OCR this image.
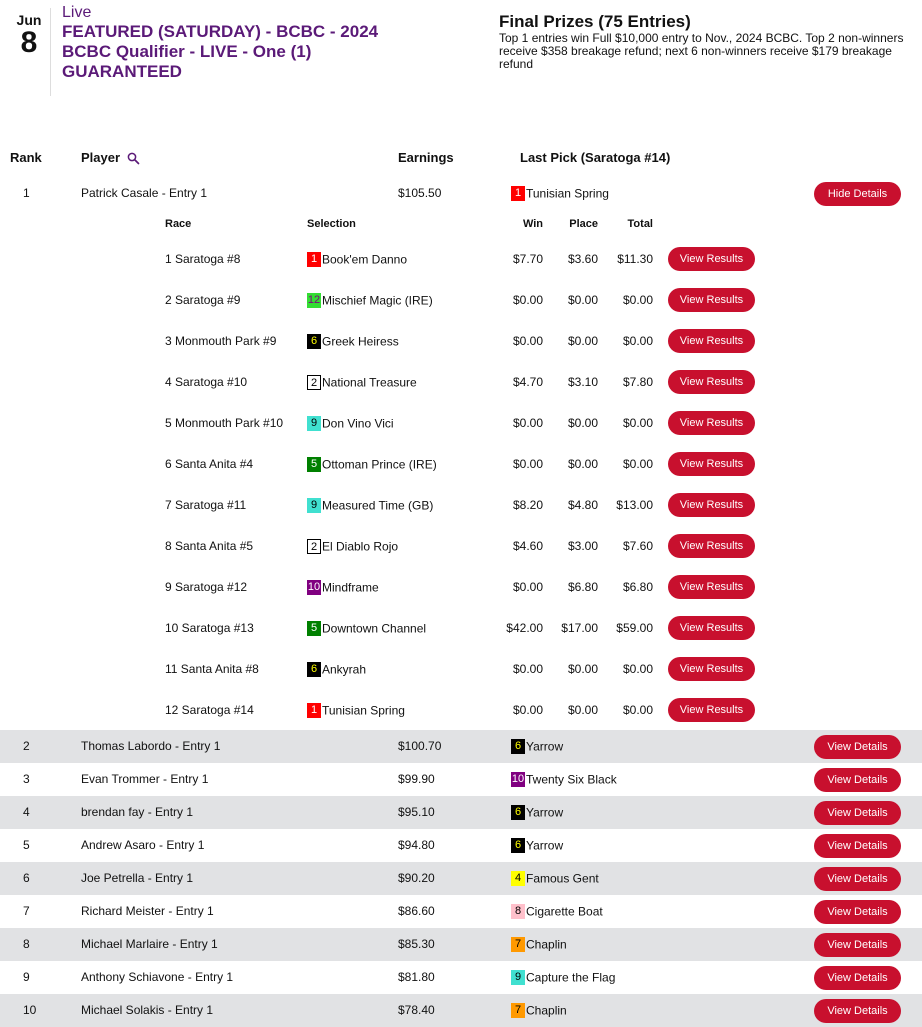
Jun
8
Live
FEATURED (SATURDAY) - BCBC - 2024
BCBC Qualifier - LIVE - One (1)
GUARANTEED
Final Prizes (75 Entries)
Top 1 entries win Full $10,000 entry to Nov., 2024 BCBC. Top 2 non-winners receive $358 breakage refund; next 6 non-winners receive $179 breakage refund
Rank	Player	Earnings	Last Pick (Saratoga #14)
1	Patrick Casale - Entry 1	$105.50	1 Tunisian Spring	Hide Details
2	Thomas Labordo - Entry 1	$100.70	6 Yarrow	View Details
3	Evan Trommer - Entry 1	$99.90	10 Twenty Six Black	View Details
4	brendan fay - Entry 1	$95.10	6 Yarrow	View Details
5	Andrew Asaro - Entry 1	$94.80	6 Yarrow	View Details
6	Joe Petrella - Entry 1	$90.20	4 Famous Gent	View Details
7	Richard Meister - Entry 1	$86.60	8 Cigarette Boat	View Details
8	Michael Marlaire - Entry 1	$85.30	7 Chaplin	View Details
9	Anthony Schiavone - Entry 1	$81.80	9 Capture the Flag	View Details
10	Michael Solakis - Entry 1	$78.40	7 Chaplin	View Details
Race	Selection	Win	Place	Total
1 Saratoga #8	1 Book'em Danno	$7.70	$3.60	$11.30	View Results
2 Saratoga #9	12 Mischief Magic (IRE)	$0.00	$0.00	$0.00	View Results
3 Monmouth Park #9	6 Greek Heiress	$0.00	$0.00	$0.00	View Results
4 Saratoga #10	2 National Treasure	$4.70	$3.10	$7.80	View Results
5 Monmouth Park #10	9 Don Vino Vici	$0.00	$0.00	$0.00	View Results
6 Santa Anita #4	5 Ottoman Prince (IRE)	$0.00	$0.00	$0.00	View Results
7 Saratoga #11	9 Measured Time (GB)	$8.20	$4.80	$13.00	View Results
8 Santa Anita #5	2 El Diablo Rojo	$4.60	$3.00	$7.60	View Results
9 Saratoga #12	10 Mindframe	$0.00	$6.80	$6.80	View Results
10 Saratoga #13	5 Downtown Channel	$42.00	$17.00	$59.00	View Results
11 Santa Anita #8	6 Ankyrah	$0.00	$0.00	$0.00	View Results
12 Saratoga #14	1 Tunisian Spring	$0.00	$0.00	$0.00	View Results
